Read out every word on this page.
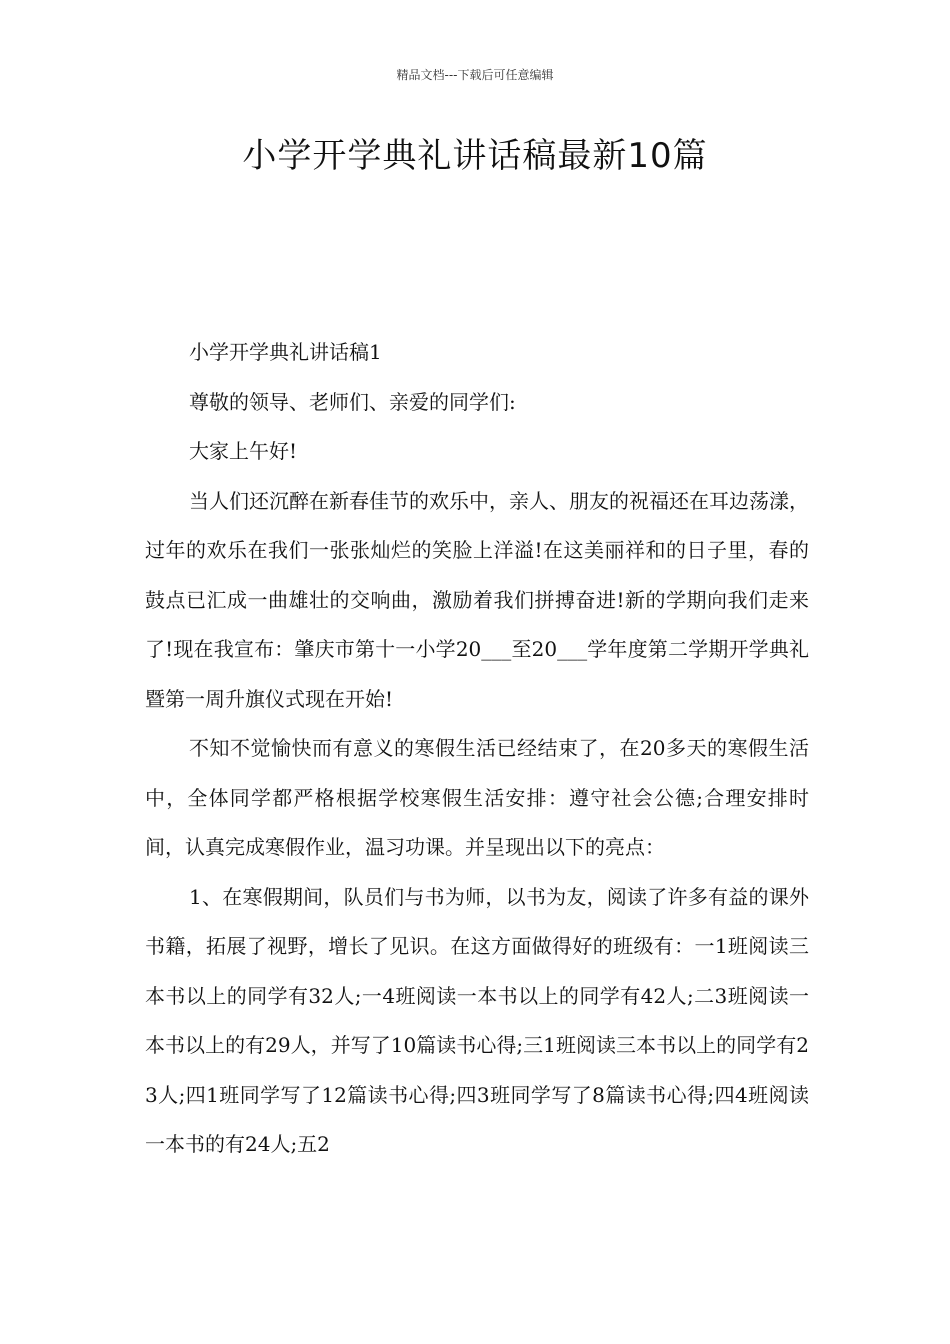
精品文档---下载后可任意编辑
小学开学典礼讲话稿最新10篇

小学开学典礼讲话稿1

尊敬的领导、老师们、亲爱的同学们:

大家上午好!

当人们还沉醉在新春佳节的欢乐中，亲人、朋友的祝福还在耳边荡漾，过年的欢乐在我们一张张灿烂的笑脸上洋溢!在这美丽祥和的日子里，春的鼓点已汇成一曲雄壮的交响曲，激励着我们拼搏奋进!新的学期向我们走来了!现在我宣布：肇庆市第十一小学20___至20___学年度第二学期开学典礼暨第一周升旗仪式现在开始!

不知不觉愉快而有意义的寒假生活已经结束了，在20多天的寒假生活中，全体同学都严格根据学校寒假生活安排：遵守社会公德;合理安排时间，认真完成寒假作业，温习功课。并呈现出以下的亮点：

1、在寒假期间，队员们与书为师，以书为友，阅读了许多有益的课外书籍，拓展了视野，增长了见识。在这方面做得好的班级有：一1班阅读三本书以上的同学有32人;一4班阅读一本书以上的同学有42人;二3班阅读一本书以上的有29人，并写了10篇读书心得;三1班阅读三本书以上的同学有23人;四1班同学写了12篇读书心得;四3班同学写了8篇读书心得;四4班阅读一本书的有24人;五2
